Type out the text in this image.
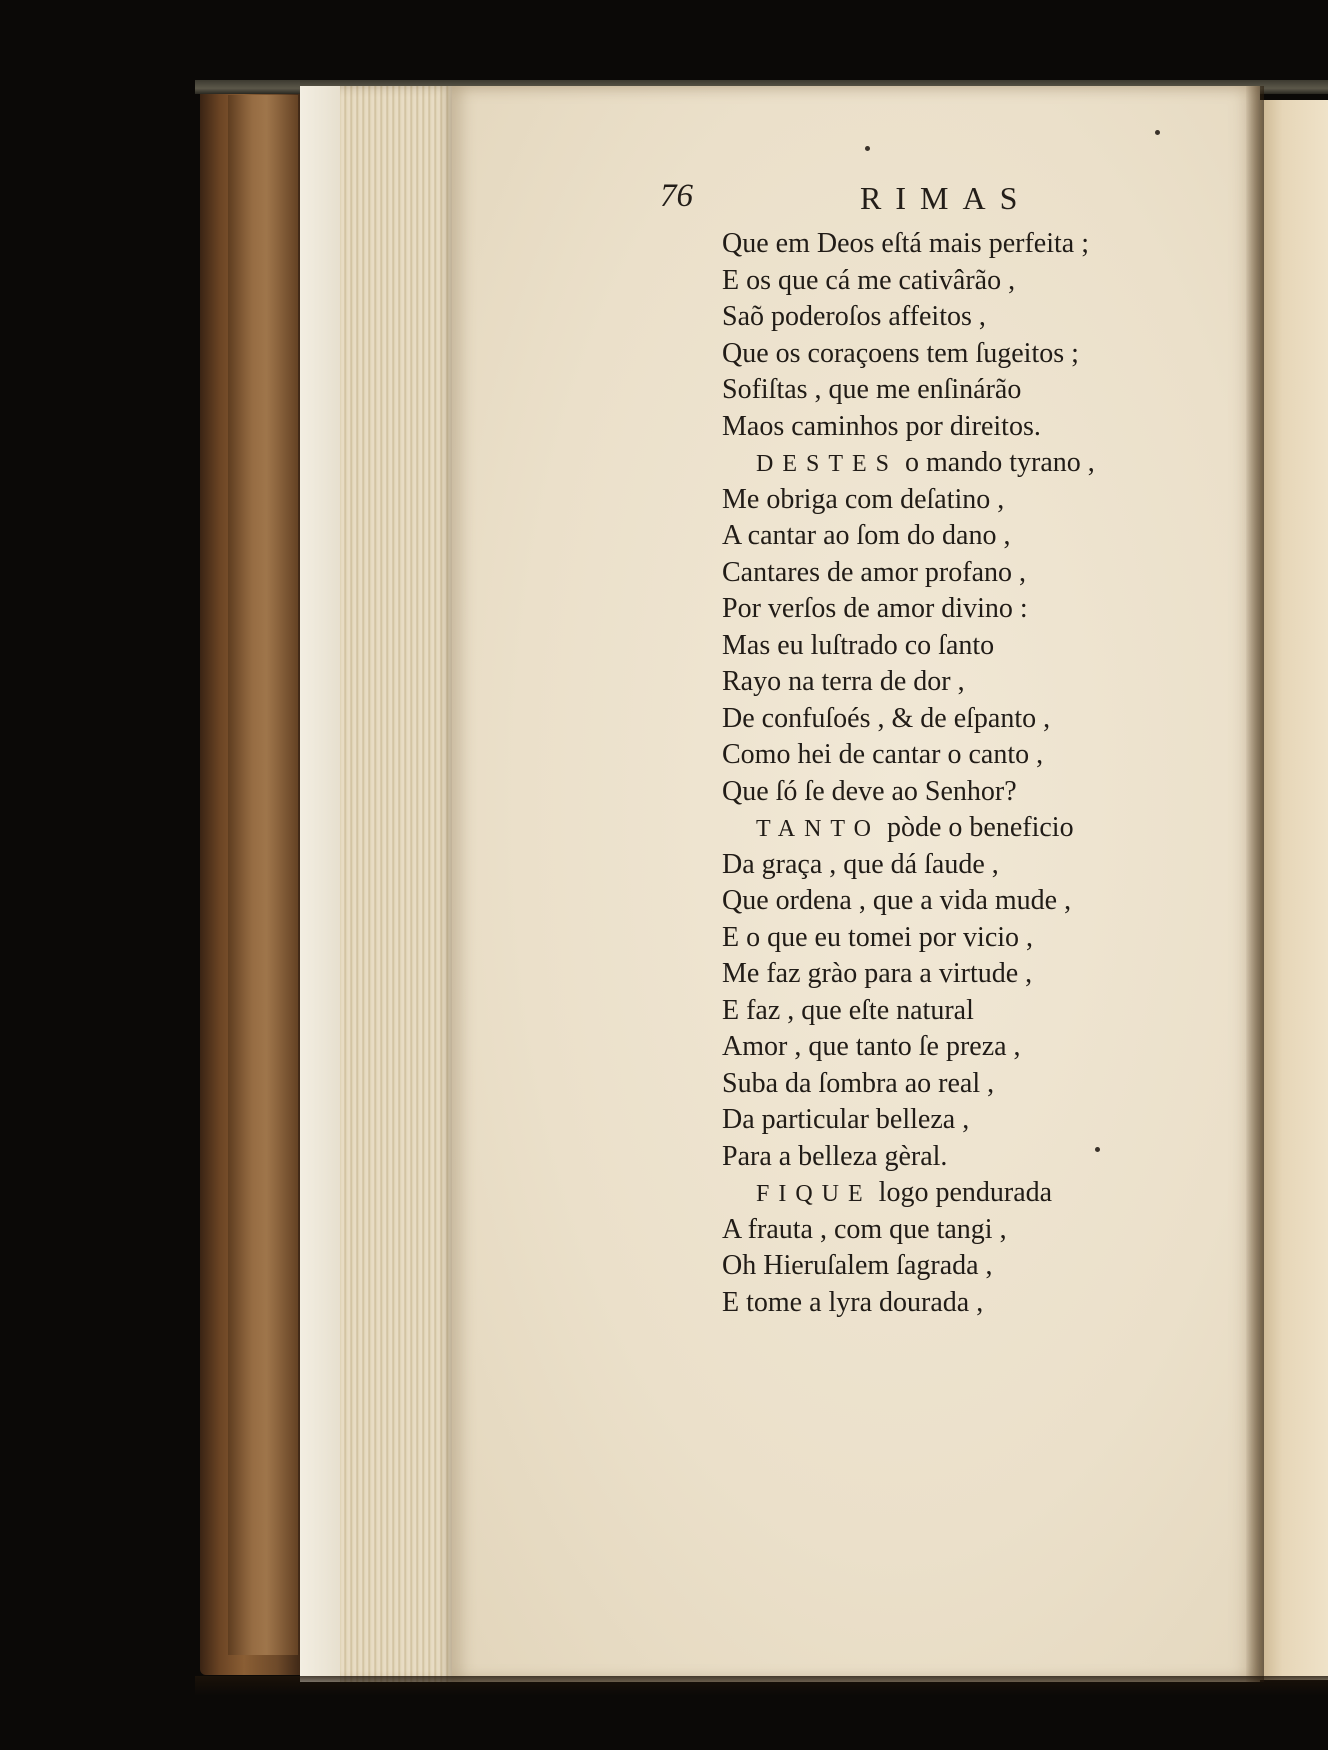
76	RIMAS
Que em Deos eſtá mais perfeita ;
E os que cá me cativârão ,
Saõ poderoſos affeitos ,
Que os coraçoens tem ſugeitos ;
Sofiſtas , que me enſinárão
Maos caminhos por direitos.
DESTES o mando tyrano ,
Me obriga com deſatino ,
A cantar ao ſom do dano ,
Cantares de amor profano ,
Por verſos de amor divino :
Mas eu luſtrado co ſanto
Rayo na terra de dor ,
De confuſoés , & de eſpanto ,
Como hei de cantar o canto ,
Que ſó ſe deve ao Senhor?
TANTO pòde o beneficio
Da graça , que dá ſaude ,
Que ordena , que a vida mude ,
E o que eu tomei por vicio ,
Me faz grào para a virtude ,
E faz , que eſte natural
Amor , que tanto ſe preza ,
Suba da ſombra ao real ,
Da particular belleza ,
Para a belleza gèral.
FIQUE logo pendurada
A frauta , com que tangi ,
Oh Hieruſalem ſagrada ,
E tome a lyra dourada ,
